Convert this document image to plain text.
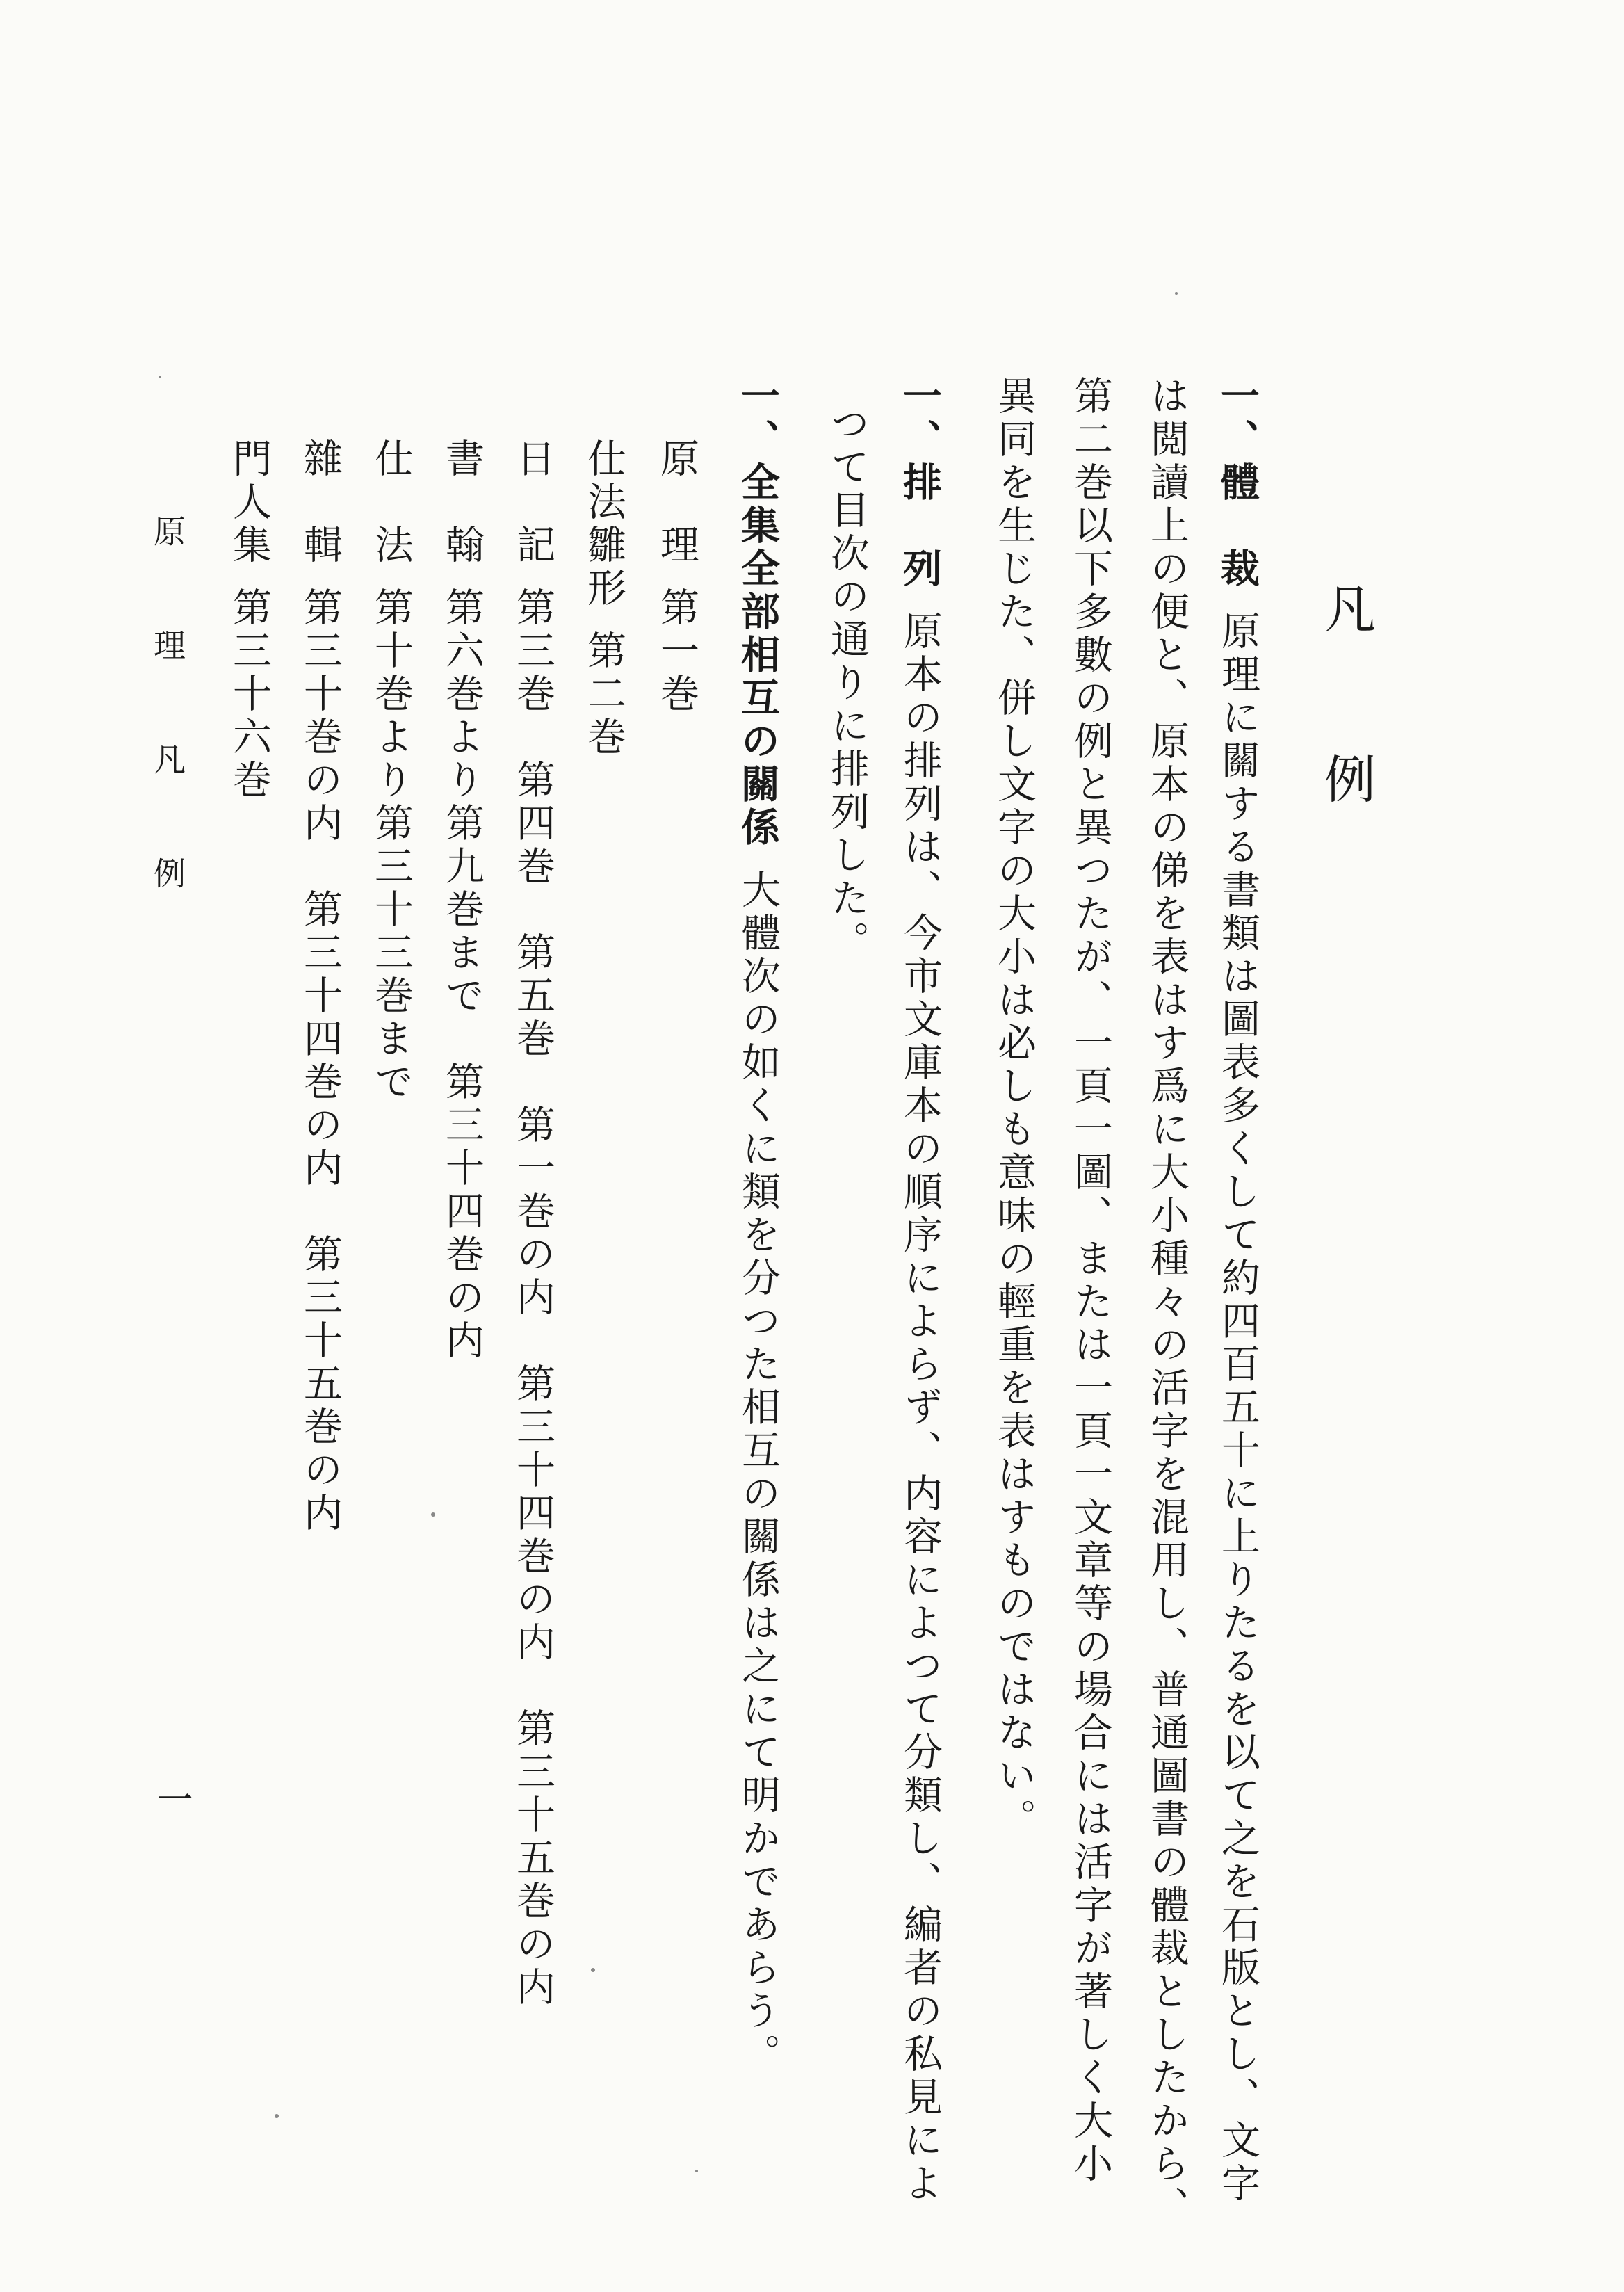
凡
例
一、體　裁原理に關する書類は圖表多くして約四百五十に上りたるを以て之を石版とし、文字
は閲讀上の便と、原本の俤を表はす爲に大小種々の活字を混用し、普通圖書の體裁としたから、
第二巻以下多數の例と異つたが、一頁一圖、または一頁一文章等の場合には活字が著しく大小
異同を生じた、併し文字の大小は必しも意味の輕重を表はすものではない。
一、排　列原本の排列は、今市文庫本の順序によらず、内容によつて分類し、編者の私見によ
つて目次の通りに排列した。
一、全集全部相互の關係大體次の如くに類を分つた相互の關係は之にて明かであらう。
原　理第一巻
仕法雛形第二巻
日　記第三巻　第四巻　第五巻　第一巻の内　第三十四巻の内　第三十五巻の内
書　翰第六巻より第九巻まで　第三十四巻の内
仕　法第十巻より第三十三巻まで
雜　輯第三十巻の内　第三十四巻の内　第三十五巻の内
門人集第三十六巻
原　理　凡　例
一
